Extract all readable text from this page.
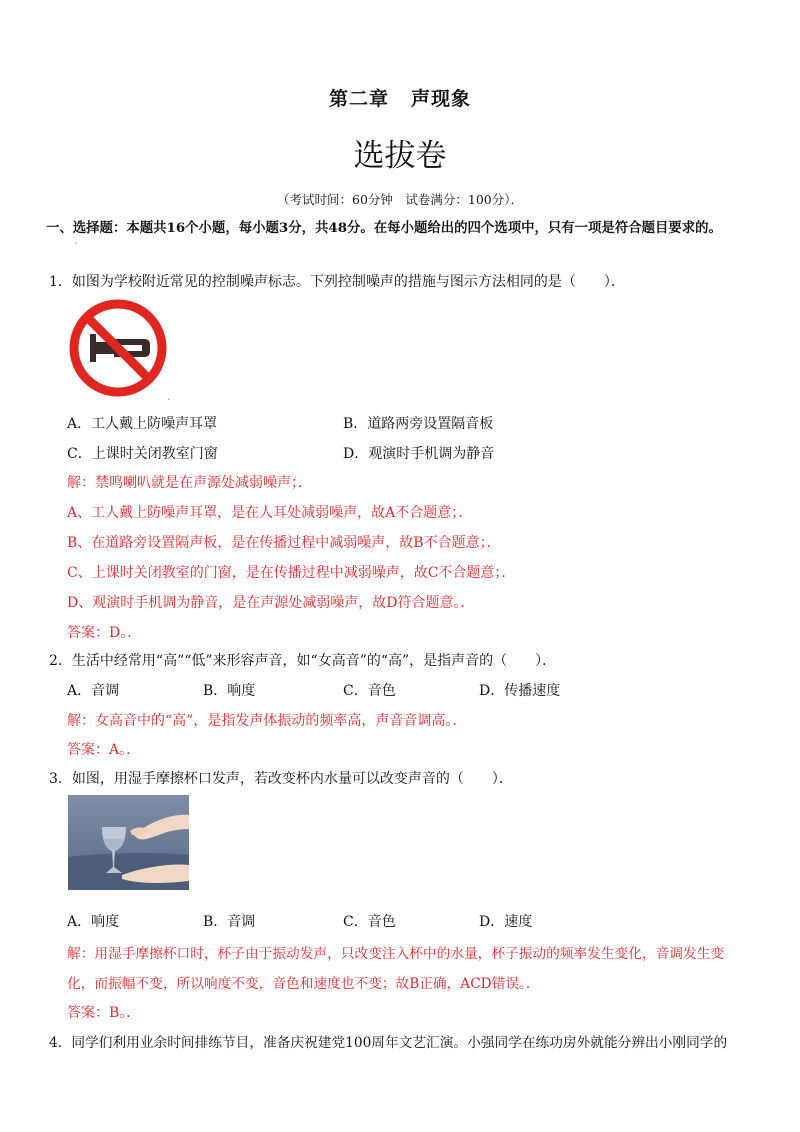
第二章 声现象
选拔卷
（考试时间：60分钟　试卷满分：100分）．
一、选择题：本题共16个小题，每小题3分，共48分。在每小题给出的四个选项中，只有一项是符合题目要求的。
.
1．如图为学校附近常见的控制噪声标志。下列控制噪声的措施与图示方法相同的是（　　）．
.
A．工人戴上防噪声耳罩	B．道路两旁设置隔音板
C．上课时关闭教室门窗	D．观演时手机调为静音
解：禁鸣喇叭就是在声源处减弱噪声；．
A、工人戴上防噪声耳罩，是在人耳处减弱噪声，故A不合题意；．
B、在道路旁设置隔声板，是在传播过程中减弱噪声，故B不合题意；．
C、上课时关闭教室的门窗，是在传播过程中减弱噪声，故C不合题意；．
D、观演时手机调为静音，是在声源处减弱噪声，故D符合题意。．
答案：D。．
2．生活中经常用“高”“低”来形容声音，如“女高音”的“高”，是指声音的（　　）．
A．音调	B．响度	C．音色	D．传播速度
解：女高音中的“高”，是指发声体振动的频率高，声音音调高。．
答案：A。．
3．如图，用湿手摩擦杯口发声，若改变杯内水量可以改变声音的（　　）．
A．响度	B．音调	C．音色	D．速度
解：用湿手摩擦杯口时，杯子由于振动发声，只改变注入杯中的水量，杯子振动的频率发生变化，音调发生变
化，而振幅不变，所以响度不变，音色和速度也不变；故B正确，ACD错误。．
答案：B。．
4．同学们利用业余时间排练节目，准备庆祝建党100周年文艺汇演。小强同学在练功房外就能分辨出小刚同学的
